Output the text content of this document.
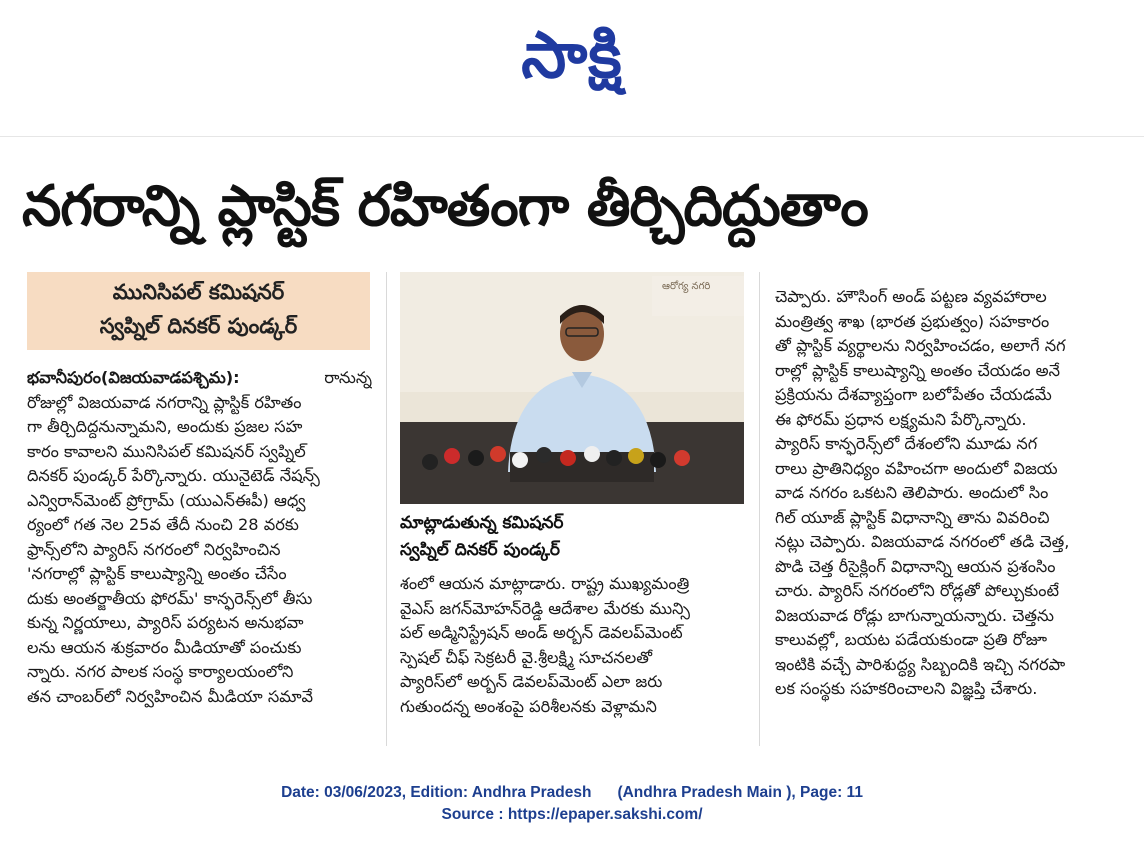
సాక్షి
నగరాన్ని ప్లాస్టిక్ రహితంగా తీర్చిదిద్దుతాం
మునిసిపల్ కమిషనర్
స్వప్నిల్ దినకర్ పుండ్కర్
భవానీపురం(విజయవాడపశ్చిమ):	రానున్న
రోజుల్లో విజయవాడ నగరాన్ని ప్లాస్టిక్ రహితం
గా తీర్చిదిద్దనున్నామని, అందుకు ప్రజల సహ
కారం కావాలని మునిసిపల్ కమిషనర్ స్వప్నిల్
దినకర్ పుండ్కర్ పేర్కొన్నారు. యునైటెడ్ నేషన్స్
ఎన్విరాన్‌మెంట్ ప్రోగ్రామ్ (యుఎన్ఈపీ) ఆధ్వ
ర్యంలో గత నెల 25వ తేదీ నుంచి 28 వరకు
ఫ్రాన్స్‌లోని ప్యారిస్ నగరంలో నిర్వహించిన
'నగరాల్లో ప్లాస్టిక్ కాలుష్యాన్ని అంతం చేసేం
దుకు అంతర్జాతీయ ఫోరమ్' కాన్ఫరెన్స్‌లో తీసు
కున్న నిర్ణయాలు, ప్యారిస్ పర్యటన అనుభవా
లను ఆయన శుక్రవారం మీడియాతో పంచుకు
న్నారు. నగర పాలక సంస్థ కార్యాలయంలోని
తన చాంబర్‌లో నిర్వహించిన మీడియా సమావే
ఆరోగ్య నగరి
మాట్లాడుతున్న కమిషనర్
స్వప్నిల్ దినకర్ పుండ్కర్
శంలో ఆయన మాట్లాడారు. రాష్ట్ర ముఖ్యమంత్రి
వైఎస్ జగన్‌మోహన్‌రెడ్డి ఆదేశాల మేరకు మున్సి
పల్ అడ్మినిస్ట్రేషన్ అండ్ అర్బన్ డెవలప్‌మెంట్
స్పెషల్ చీఫ్ సెక్రటరీ వై.శ్రీలక్ష్మి సూచనలతో
ప్యారిస్‌లో అర్బన్ డెవలప్‌మెంట్ ఎలా జరు
గుతుందన్న అంశంపై పరిశీలనకు వెళ్లామని
చెప్పారు. హౌసింగ్ అండ్ పట్టణ వ్యవహారాల
మంత్రిత్వ శాఖ (భారత ప్రభుత్వం) సహకారం
తో ప్లాస్టిక్ వ్యర్థాలను నిర్వహించడం, అలాగే నగ
రాల్లో ప్లాస్టిక్ కాలుష్యాన్ని అంతం చేయడం అనే
ప్రక్రియను దేశవ్యాప్తంగా బలోపేతం చేయడమే
ఈ ఫోరమ్ ప్రధాన లక్ష్యమని పేర్కొన్నారు.
ప్యారిస్ కాన్ఫరెన్స్‌లో దేశంలోని మూడు నగ
రాలు ప్రాతినిధ్యం వహించగా అందులో విజయ
వాడ నగరం ఒకటని తెలిపారు. అందులో సిం
గిల్ యూజ్ ప్లాస్టిక్ విధానాన్ని తాను వివరించి
నట్లు చెప్పారు. విజయవాడ నగరంలో తడి చెత్త,
పొడి చెత్త రీసైక్లింగ్ విధానాన్ని ఆయన ప్రశంసిం
చారు. ప్యారిస్ నగరంలోని రోడ్లతో పోల్చుకుంటే
విజయవాడ రోడ్లు బాగున్నాయన్నారు. చెత్తను
కాలువల్లో, బయట పడేయకుండా ప్రతి రోజూ
ఇంటికి వచ్చే పారిశుద్ధ్య సిబ్బందికి ఇచ్చి నగరపా
లక సంస్థకు సహకరించాలని విజ్ఞప్తి చేశారు.
Date: 03/06/2023, Edition: Andhra Pradesh (Andhra Pradesh Main ), Page: 11
Source : https://epaper.sakshi.com/
